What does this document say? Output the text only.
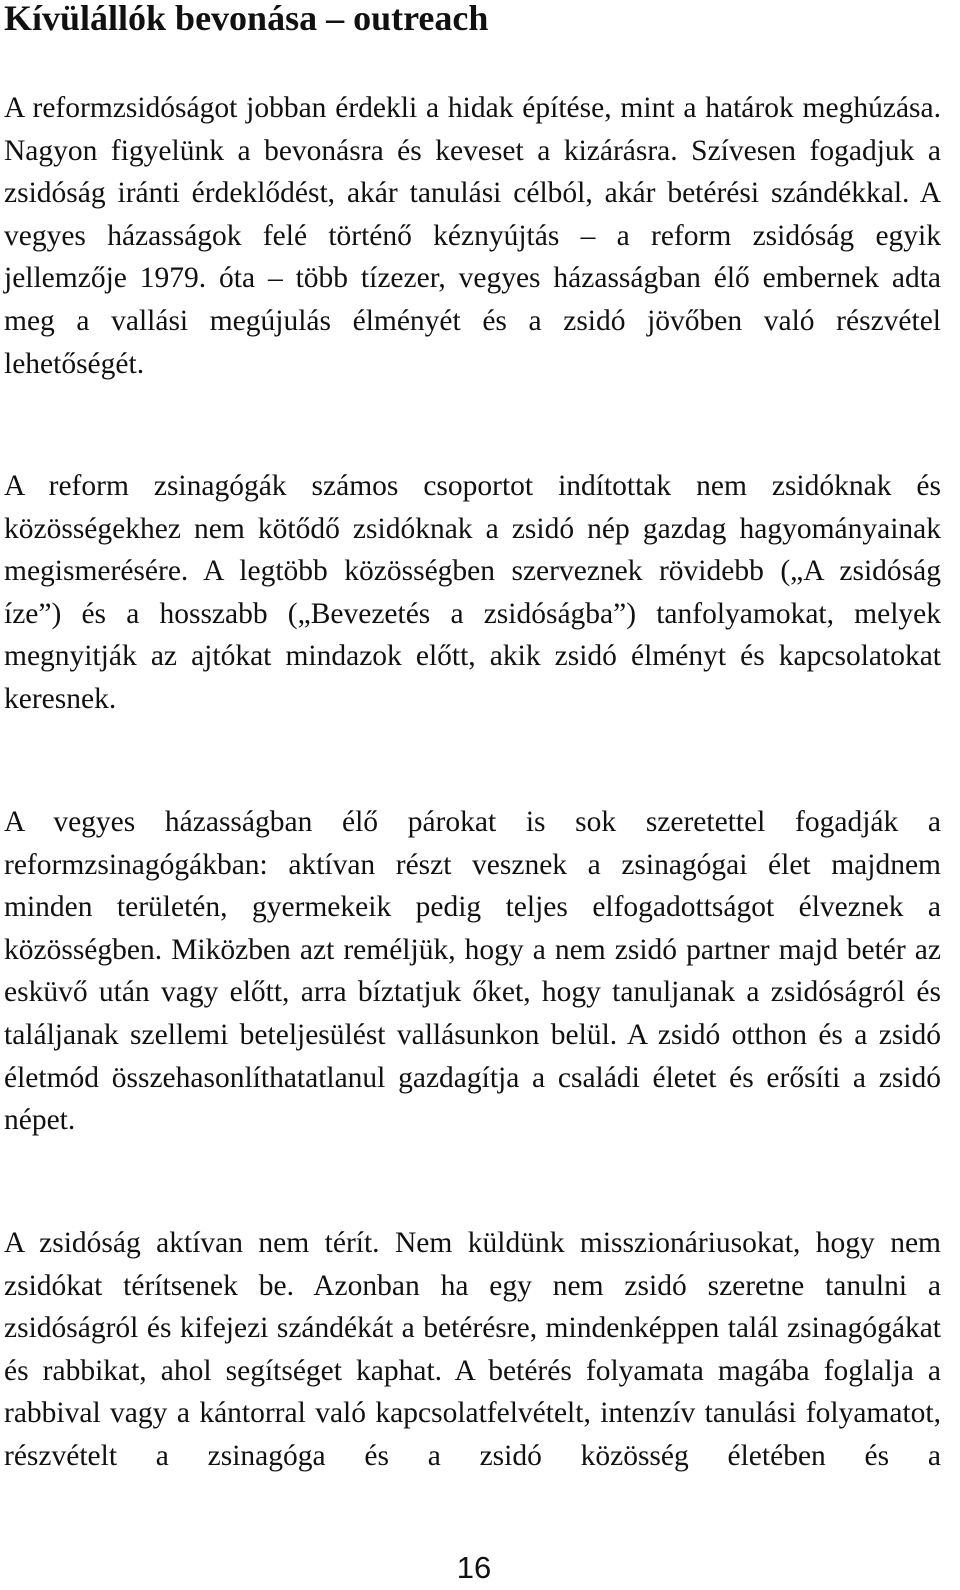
Kívülállók bevonása – outreach

A reformzsidóságot jobban érdekli a hidak építése, mint a határok meghúzása. Nagyon figyelünk a bevonásra és keveset a kizárásra. Szívesen fogadjuk a zsidóság iránti érdeklődést, akár tanulási célból, akár betérési szándékkal. A vegyes házasságok felé történő kéznyújtás – a reform zsidóság egyik jellemzője 1979. óta – több tízezer, vegyes házasságban élő embernek adta meg a vallási megújulás élményét és a zsidó jövőben való részvétel lehetőségét.

A reform zsinagógák számos csoportot indítottak nem zsidóknak és közösségekhez nem kötődő zsidóknak a zsidó nép gazdag hagyományainak megismerésére. A legtöbb közösségben szerveznek rövidebb („A zsidóság íze”) és a hosszabb („Bevezetés a zsidóságba”) tanfolyamokat, melyek megnyitják az ajtókat mindazok előtt, akik zsidó élményt és kapcsolatokat keresnek.

A vegyes házasságban élő párokat is sok szeretettel fogadják a reformzsinagógákban: aktívan részt vesznek a zsinagógai élet majdnem minden területén, gyermekeik pedig teljes elfogadottságot élveznek a közösségben. Miközben azt reméljük, hogy a nem zsidó partner majd betér az esküvő után vagy előtt, arra bíztatjuk őket, hogy tanuljanak a zsidóságról és találjanak szellemi beteljesülést vallásunkon belül. A zsidó otthon és a zsidó életmód összehasonlíthatatlanul gazdagítja a családi életet és erősíti a zsidó népet.

A zsidóság aktívan nem térít. Nem küldünk misszionáriusokat, hogy nem zsidókat térítsenek be. Azonban ha egy nem zsidó szeretne tanulni a zsidóságról és kifejezi szándékát a betérésre, mindenképpen talál zsinagógákat és rabbikat, ahol segítséget kaphat. A betérés folyamata magába foglalja a rabbival vagy a kántorral való kapcsolatfelvételt, intenzív tanulási folyamatot, részvételt a zsinagóga és a zsidó közösség életében és a

16
